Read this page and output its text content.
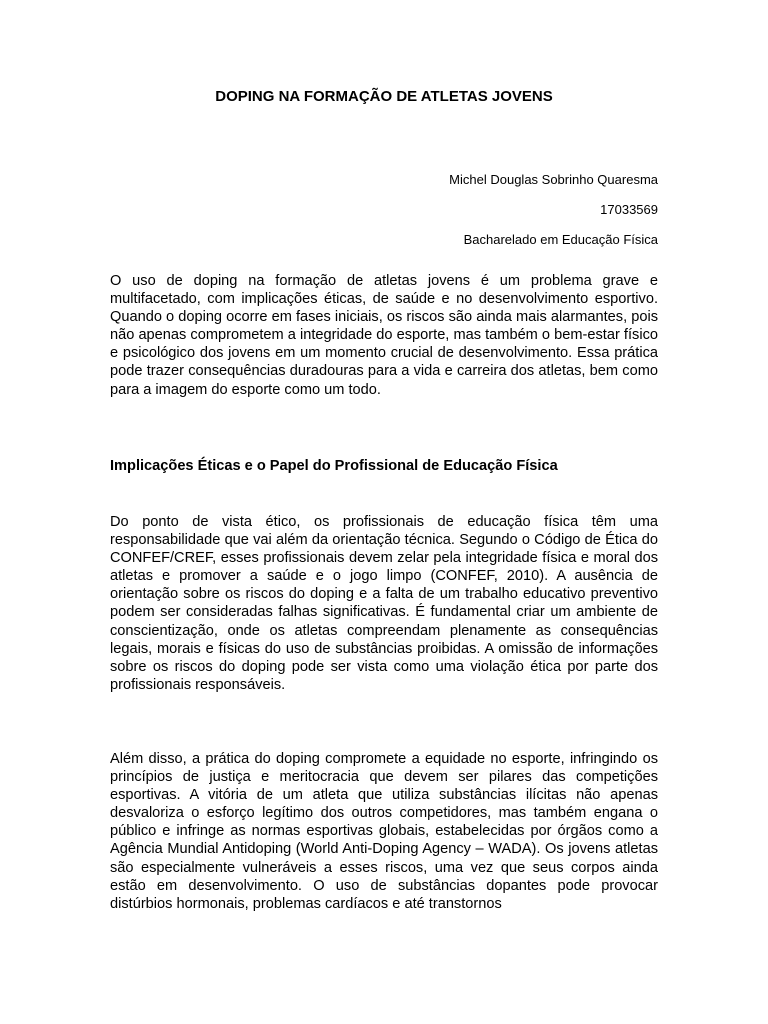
DOPING NA FORMAÇÃO DE ATLETAS JOVENS
Michel Douglas Sobrinho Quaresma
17033569
Bacharelado em Educação Física

O uso de doping na formação de atletas jovens é um problema grave e multifacetado, com implicações éticas, de saúde e no desenvolvimento esportivo. Quando o doping ocorre em fases iniciais, os riscos são ainda mais alarmantes, pois não apenas comprometem a integridade do esporte, mas também o bem-estar físico e psicológico dos jovens em um momento crucial de desenvolvimento. Essa prática pode trazer consequências duradouras para a vida e carreira dos atletas, bem como para a imagem do esporte como um todo.

Implicações Éticas e o Papel do Profissional de Educação Física

Do ponto de vista ético, os profissionais de educação física têm uma responsabilidade que vai além da orientação técnica. Segundo o Código de Ética do CONFEF/CREF, esses profissionais devem zelar pela integridade física e moral dos atletas e promover a saúde e o jogo limpo (CONFEF, 2010). A ausência de orientação sobre os riscos do doping e a falta de um trabalho educativo preventivo podem ser consideradas falhas significativas. É fundamental criar um ambiente de conscientização, onde os atletas compreendam plenamente as consequências legais, morais e físicas do uso de substâncias proibidas. A omissão de informações sobre os riscos do doping pode ser vista como uma violação ética por parte dos profissionais responsáveis.

Além disso, a prática do doping compromete a equidade no esporte, infringindo os princípios de justiça e meritocracia que devem ser pilares das competições esportivas. A vitória de um atleta que utiliza substâncias ilícitas não apenas desvaloriza o esforço legítimo dos outros competidores, mas também engana o público e infringe as normas esportivas globais, estabelecidas por órgãos como a Agência Mundial Antidoping (World Anti-Doping Agency – WADA). Os jovens atletas são especialmente vulneráveis a esses riscos, uma vez que seus corpos ainda estão em desenvolvimento. O uso de substâncias dopantes pode provocar distúrbios hormonais, problemas cardíacos e até transtornos
